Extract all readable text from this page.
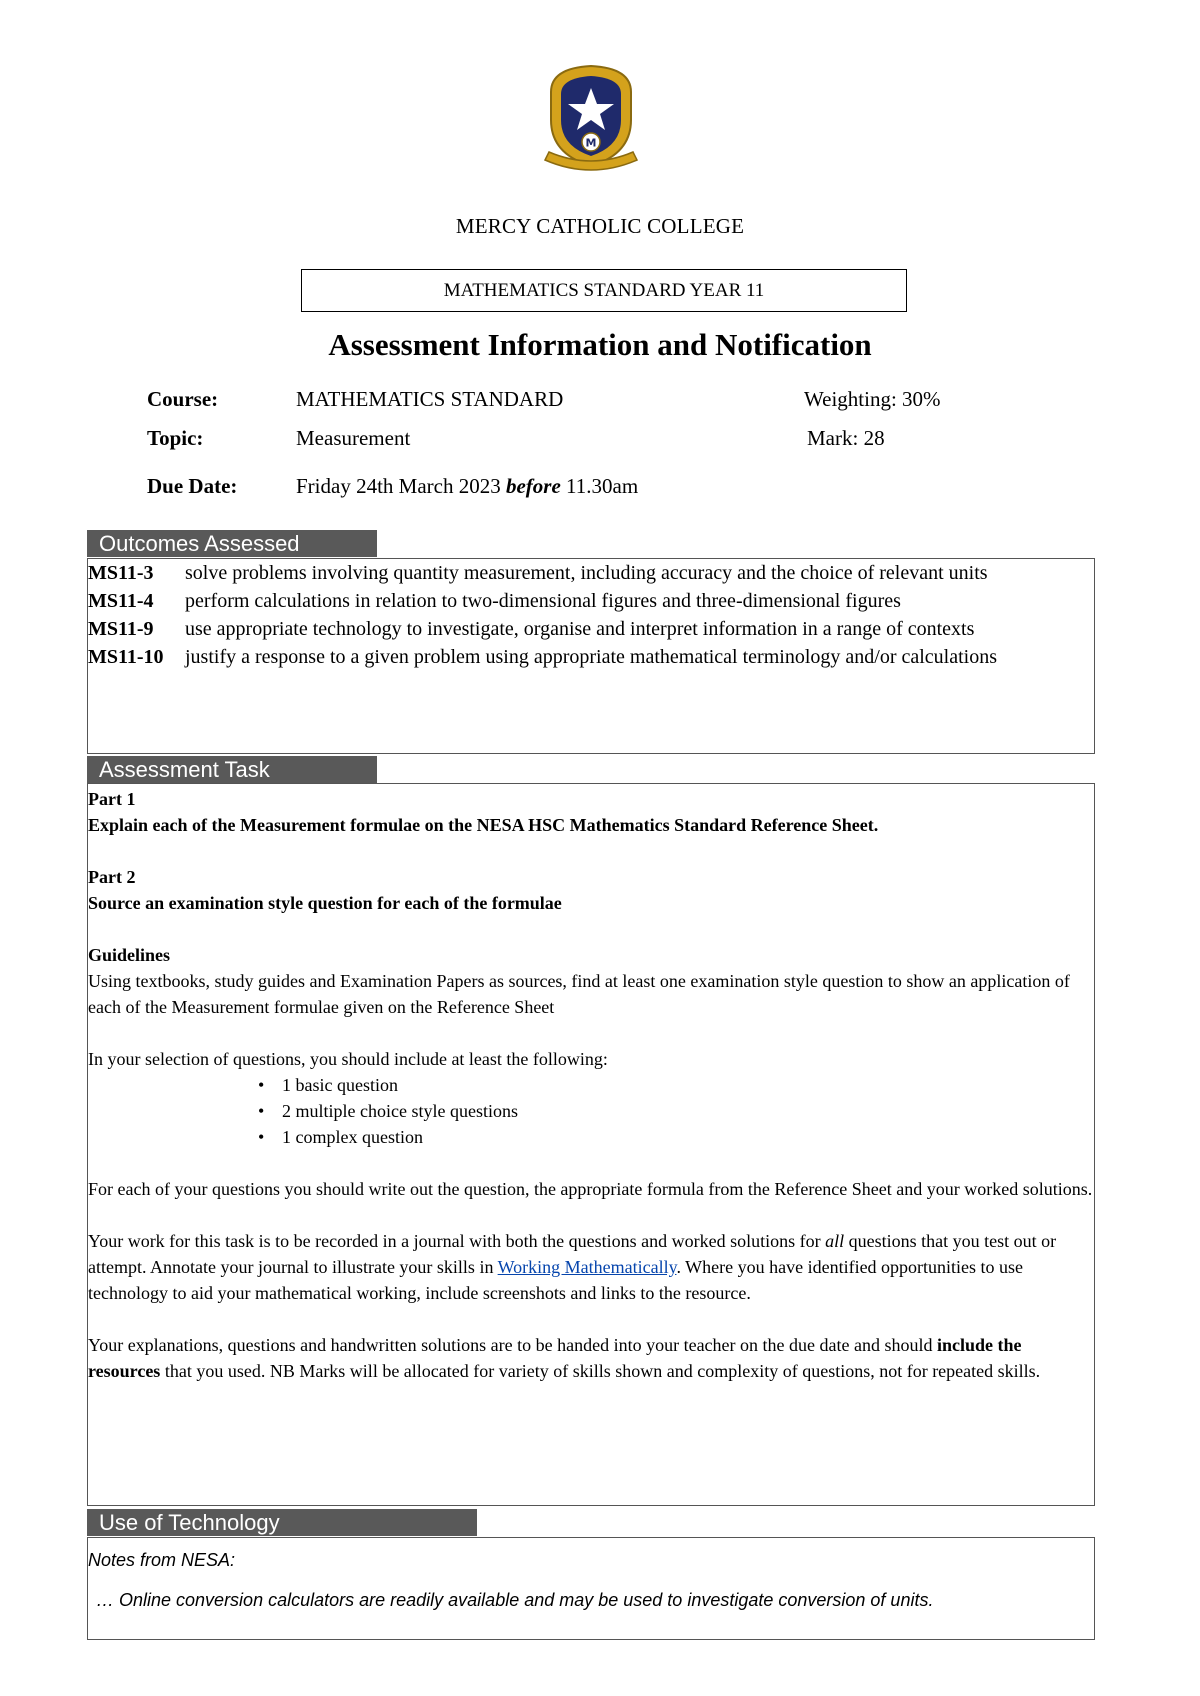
M
MERCY CATHOLIC COLLEGE
MATHEMATICS STANDARD YEAR 11
Assessment Information and Notification
Course:	MATHEMATICS STANDARD	Weighting: 30%
Topic:	Measurement	Mark: 28
Due Date:	Friday 24th March 2023 before 11.30am
Outcomes Assessed

MS11-3 solve problems involving quantity measurement, including accuracy and the choice of relevant units

MS11-4 perform calculations in relation to two-dimensional figures and three-dimensional figures

MS11-9 use appropriate technology to investigate, organise and interpret information in a range of contexts

MS11-10 justify a response to a given problem using appropriate mathematical terminology and/or calculations

Assessment Task
Part 1

Explain each of the Measurement formulae on the NESA HSC Mathematics Standard Reference Sheet.

Part 2

Source an examination style question for each of the formulae

Guidelines

Using textbooks, study guides and Examination Papers as sources, find at least one examination style question to show an application of each of the Measurement formulae given on the Reference Sheet

In your selection of questions, you should include at least the following:
• 1 basic question
• 2 multiple choice style questions
• 1 complex question

For each of your questions you should write out the question, the appropriate formula from the Reference Sheet and your worked solutions.

Your work for this task is to be recorded in a journal with both the questions and worked solutions for all questions that you test out or attempt. Annotate your journal to illustrate your skills in Working Mathematically. Where you have identified opportunities to use technology to aid your mathematical working, include screenshots and links to the resource.

Your explanations, questions and handwritten solutions are to be handed into your teacher on the due date and should include the resources that you used. NB Marks will be allocated for variety of skills shown and complexity of questions, not for repeated skills.

Use of Technology
Notes from NESA:
… Online conversion calculators are readily available and may be used to investigate conversion of units.
